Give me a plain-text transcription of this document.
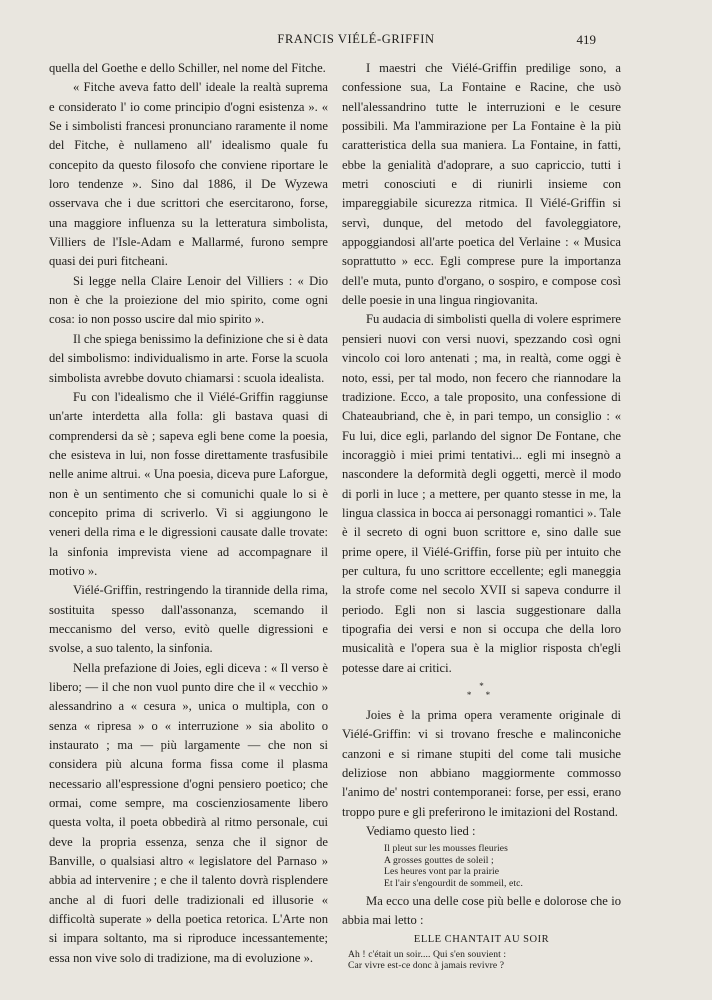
FRANCIS VIÉLÉ-GRIFFIN	419

quella del Goethe e dello Schiller, nel nome del Fitche.

« Fitche aveva fatto dell' ideale la realtà suprema e considerato l' io come principio d'ogni esistenza ». « Se i simbolisti francesi pronunciano raramente il nome del Fitche, è nullameno all' idealismo quale fu concepito da questo filosofo che conviene riportare le loro tendenze ». Sino dal 1886, il De Wyzewa osservava che i due scrittori che esercitarono, forse, una maggiore influenza su la letteratura simbolista, Villiers de l'Isle-Adam e Mallarmé, furono sempre quasi dei puri fitcheani.

Si legge nella Claire Lenoir del Villiers : « Dio non è che la proiezione del mio spirito, come ogni cosa: io non posso uscire dal mio spirito ».

Il che spiega benissimo la definizione che si è data del simbolismo: individualismo in arte. Forse la scuola simbolista avrebbe dovuto chiamarsi : scuola idealista.

Fu con l'idealismo che il Viélé-Griffin raggiunse un'arte interdetta alla folla: gli bastava quasi di comprendersi da sè ; sapeva egli bene come la poesia, che esisteva in lui, non fosse direttamente trasfusibile nelle anime altrui. « Una poesia, diceva pure Laforgue, non è un sentimento che si comunichi quale lo si è concepito prima di scriverlo. Vi si aggiungono le veneri della rima e le digressioni causate dalle trovate: la sinfonia imprevista viene ad accompagnare il motivo ».

Viélé-Griffin, restringendo la tirannide della rima, sostituita spesso dall'assonanza, scemando il meccanismo del verso, evitò quelle digressioni e svolse, a suo talento, la sinfonia.

Nella prefazione di Joies, egli diceva : « Il verso è libero; — il che non vuol punto dire che il « vecchio » alessandrino a « cesura », unica o multipla, con o senza « ripresa » o « interruzione » sia abolito o instaurato ; ma — più largamente — che non si considera più alcuna forma fissa come il plasma necessario all'espressione d'ogni pensiero poetico; che ormai, come sempre, ma coscienziosamente libero questa volta, il poeta obbedirà al ritmo personale, cui deve la propria essenza, senza che il signor de Banville, o qualsiasi altro « legislatore del Parnaso » abbia ad intervenire ; e che il talento dovrà risplendere anche al di fuori delle tradizionali ed illusorie « difficoltà superate » della poetica retorica. L'Arte non si impara soltanto, ma si riproduce incessantemente; essa non vive solo di tradizione, ma di evoluzione ».

I maestri che Viélé-Griffin predilige sono, a confessione sua, La Fontaine e Racine, che usò nell'alessandrino tutte le interruzioni e le cesure possibili. Ma l'ammirazione per La Fontaine è la più caratteristica della sua maniera. La Fontaine, in fatti, ebbe la genialità d'adoprare, a suo capriccio, tutti i metri conosciuti e di riunirli insieme con impareggiabile sicurezza ritmica. Il Viélé-Griffin si servì, dunque, del metodo del favoleggiatore, appoggiandosi all'arte poetica del Verlaine : « Musica soprattutto » ecc. Egli comprese pure la importanza dell'e muta, punto d'organo, o sospiro, e compose così delle poesie in una lingua ringiovanita.

Fu audacia di simbolisti quella di volere esprimere pensieri nuovi con versi nuovi, spezzando così ogni vincolo coi loro antenati ; ma, in realtà, come oggi è noto, essi, per tal modo, non fecero che riannodare la tradizione. Ecco, a tale proposito, una confessione di Chateaubriand, che è, in pari tempo, un consiglio : « Fu lui, dice egli, parlando del signor De Fontane, che incoraggiò i miei primi tentativi... egli mi insegnò a nascondere la deformità degli oggetti, mercè il modo di porli in luce ; a mettere, per quanto stesse in me, la lingua classica in bocca ai personaggi romantici ». Tale è il secreto di ogni buon scrittore e, sino dalle sue prime opere, il Viélé-Griffin, forse più per intuito che per cultura, fu uno scrittore eccellente; egli maneggia la strofe come nel secolo XVII si sapeva condurre il periodo. Egli non si lascia suggestionare dalla tipografia dei versi e non si occupa che della loro musicalità e l'opera sua è la miglior risposta ch'egli potesse dare ai critici.

*
* *

Joies è la prima opera veramente originale di Viélé-Griffin: vi si trovano fresche e malinconiche canzoni e si rimane stupiti del come tali musiche deliziose non abbiano maggiormente commosso l'animo de' nostri contemporanei: forse, per essi, erano troppo pure e gli preferirono le imitazioni del Rostand.

Vediamo questo lied :

Il pleut sur les mousses fleuries
A grosses gouttes de soleil ;
Les heures vont par la prairie
Et l'air s'engourdit de sommeil, etc.

Ma ecco una delle cose più belle e dolorose che io abbia mai letto :

ELLE CHANTAIT AU SOIR
Ah ! c'était un soir.... Qui s'en souvient :
Car vivre est-ce donc à jamais revivre ?
